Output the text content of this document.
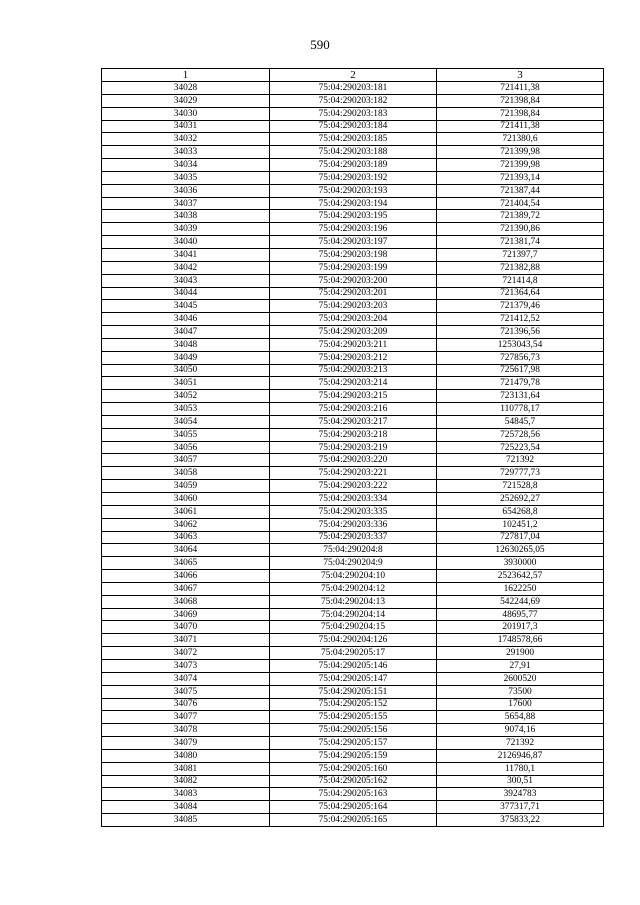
590
1	2	3
34028	75:04:290203:181	721411,38
34029	75:04:290203:182	721398,84
34030	75:04:290203:183	721398,84
34031	75:04:290203:184	721411,38
34032	75:04:290203:185	721380,6
34033	75:04:290203:188	721399,98
34034	75:04:290203:189	721399,98
34035	75:04:290203:192	721393,14
34036	75:04:290203:193	721387,44
34037	75:04:290203:194	721404,54
34038	75:04:290203:195	721389,72
34039	75:04:290203:196	721390,86
34040	75:04:290203:197	721381,74
34041	75:04:290203:198	721397,7
34042	75:04:290203:199	721382,88
34043	75:04:290203:200	721414,8
34044	75:04:290203:201	721364,64
34045	75:04:290203:203	721379,46
34046	75:04:290203:204	721412,52
34047	75:04:290203:209	721396,56
34048	75:04:290203:211	1253043,54
34049	75:04:290203:212	727856,73
34050	75:04:290203:213	725617,98
34051	75:04:290203:214	721479,78
34052	75:04:290203:215	723131,64
34053	75:04:290203:216	110778,17
34054	75:04:290203:217	54845,7
34055	75:04:290203:218	725728,56
34056	75:04:290203:219	725223,54
34057	75:04:290203:220	721392
34058	75:04:290203:221	729777,73
34059	75:04:290203:222	721528,8
34060	75:04:290203:334	252692,27
34061	75:04:290203:335	654268,8
34062	75:04:290203:336	102451,2
34063	75:04:290203:337	727817,04
34064	75:04:290204:8	12630265,05
34065	75:04:290204:9	3930000
34066	75:04:290204:10	2523642,57
34067	75:04:290204:12	1622250
34068	75:04:290204:13	542244,69
34069	75:04:290204:14	48695,77
34070	75:04:290204:15	201917,3
34071	75:04:290204:126	1748578,66
34072	75:04:290205:17	291900
34073	75:04:290205:146	27,91
34074	75:04:290205:147	2600520
34075	75:04:290205:151	73500
34076	75:04:290205:152	17600
34077	75:04:290205:155	5654,88
34078	75:04:290205:156	9074,16
34079	75:04:290205:157	721392
34080	75:04:290205:159	2126946,87
34081	75:04:290205:160	11780,1
34082	75:04:290205:162	300,51
34083	75:04:290205:163	3924783
34084	75:04:290205:164	377317,71
34085	75:04:290205:165	375833,22
